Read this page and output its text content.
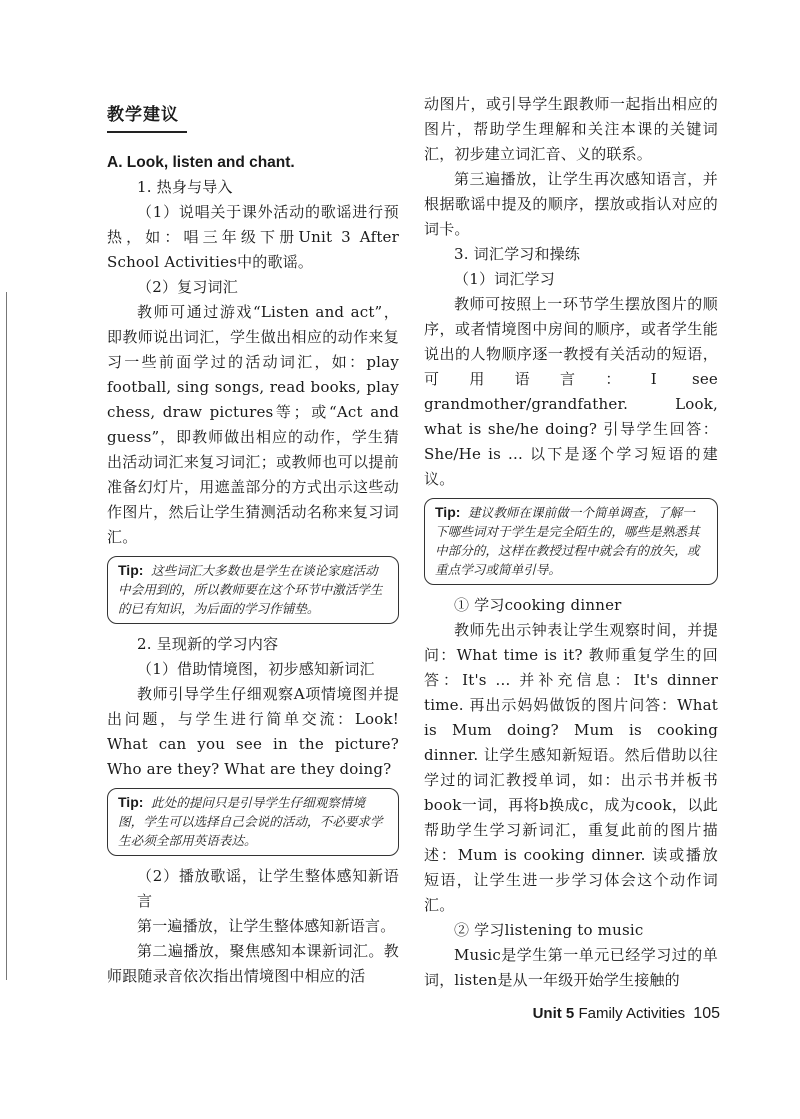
教学建议

A. Look, listen and chant.

1. 热身与导入

（1）说唱关于课外活动的歌谣进行预热，如：唱三年级下册Unit 3 After School Activities中的歌谣。

（2）复习词汇

教师可通过游戏“Listen and act”，即教师说出词汇，学生做出相应的动作来复习一些前面学过的活动词汇，如：play football, sing songs, read books, play chess, draw pictures等；或“Act and guess”，即教师做出相应的动作，学生猜出活动词汇来复习词汇；或教师也可以提前准备幻灯片，用遮盖部分的方式出示这些动作图片，然后让学生猜测活动名称来复习词汇。

Tip: 这些词汇大多数也是学生在谈论家庭活动中会用到的，所以教师要在这个环节中激活学生的已有知识，为后面的学习作铺垫。

2. 呈现新的学习内容

（1）借助情境图，初步感知新词汇

教师引导学生仔细观察A项情境图并提出问题，与学生进行简单交流：Look! What can you see in the picture? Who are they? What are they doing?

Tip: 此处的提问只是引导学生仔细观察情境图，学生可以选择自己会说的活动，不必要求学生必须全部用英语表达。

（2）播放歌谣，让学生整体感知新语言

第一遍播放，让学生整体感知新语言。

第二遍播放，聚焦感知本课新词汇。教师跟随录音依次指出情境图中相应的活

动图片，或引导学生跟教师一起指出相应的图片，帮助学生理解和关注本课的关键词汇，初步建立词汇音、义的联系。

第三遍播放，让学生再次感知语言，并根据歌谣中提及的顺序，摆放或指认对应的词卡。

3. 词汇学习和操练

（1）词汇学习

教师可按照上一环节学生摆放图片的顺序，或者情境图中房间的顺序，或者学生能说出的人物顺序逐一教授有关活动的短语，可用语言：I see grandmother/grandfather. Look, what is she/he doing? 引导学生回答：She/He is ... 以下是逐个学习短语的建议。

Tip: 建议教师在课前做一个简单调查，了解一下哪些词对于学生是完全陌生的，哪些是熟悉其中部分的，这样在教授过程中就会有的放矢，或重点学习或简单引导。

① 学习cooking dinner

教师先出示钟表让学生观察时间，并提问：What time is it? 教师重复学生的回答：It's ... 并补充信息：It's dinner time. 再出示妈妈做饭的图片问答：What is Mum doing? Mum is cooking dinner. 让学生感知新短语。然后借助以往学过的词汇教授单词，如：出示书并板书book一词，再将b换成c，成为cook，以此帮助学生学习新词汇，重复此前的图片描述：Mum is cooking dinner. 读或播放短语，让学生进一步学习体会这个动作词汇。

② 学习listening to music

Music是学生第一单元已经学习过的单词，listen是从一年级开始学生接触的

Unit 5 Family Activities 105
